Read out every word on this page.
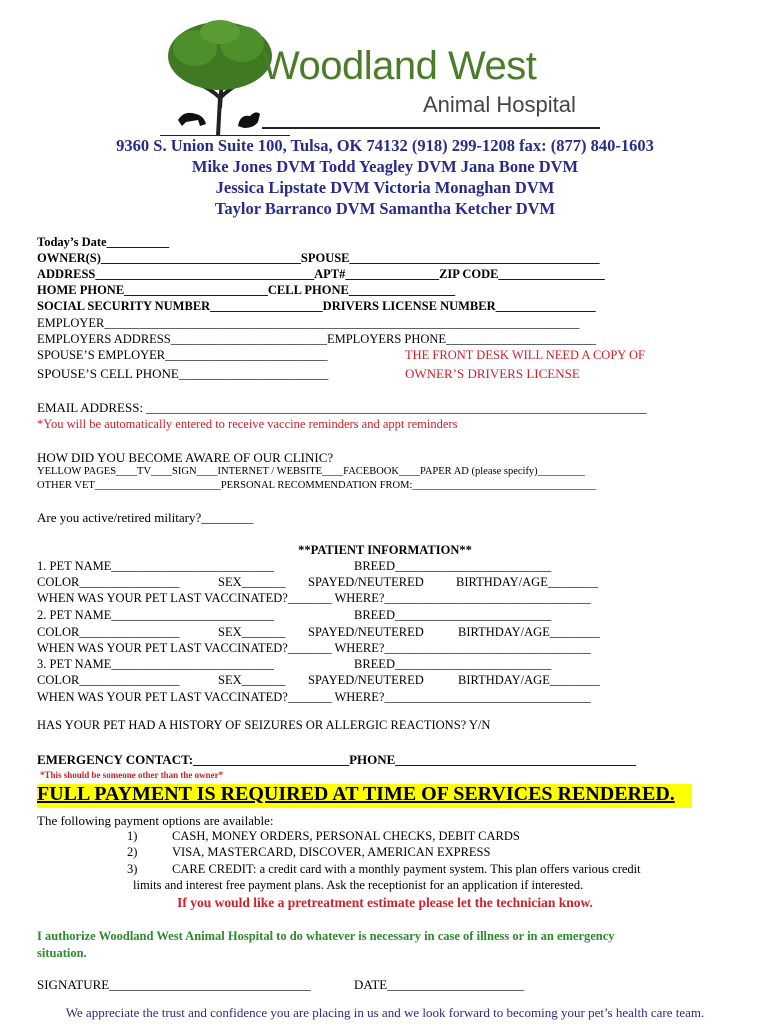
Woodland West
Animal Hospital
9360 S. Union Suite 100, Tulsa, OK 74132 (918) 299-1208 fax: (877) 840-1603
Mike Jones DVM Todd Yeagley DVM Jana Bone DVM
Jessica Lipstate DVM Victoria Monaghan DVM
Taylor Barranco DVM Samantha Ketcher DVM
Today’s Date__________
OWNER(S)________________________________SPOUSE________________________________________
ADDRESS___________________________________APT#_______________ZIP CODE_________________
HOME PHONE_______________________CELL PHONE_________________
SOCIAL SECURITY NUMBER__________________DRIVERS LICENSE NUMBER________________
EMPLOYER____________________________________________________________________________
EMPLOYERS ADDRESS_________________________EMPLOYERS PHONE________________________
SPOUSE’S EMPLOYER__________________________	THE FRONT DESK WILL NEED A COPY OF
SPOUSE’S CELL PHONE_______________________	OWNER’S DRIVERS LICENSE
EMAIL ADDRESS: _____________________________________________________________________________
*You will be automatically entered to receive vaccine reminders and appt reminders
HOW DID YOU BECOME AWARE OF OUR CLINIC?
YELLOW PAGES____TV____SIGN____INTERNET / WEBSITE____FACEBOOK____PAPER AD (please specify)_________
OTHER VET________________________PERSONAL RECOMMENDATION FROM:___________________________________
Are you active/retired military?________
**PATIENT INFORMATION**
1. PET NAME__________________________	BREED_________________________
COLOR________________	SEX_______ SPAYED/NEUTERED	BIRTHDAY/AGE________
WHEN WAS YOUR PET LAST VACCINATED?_______ WHERE?_________________________________
2. PET NAME__________________________	BREED_________________________
COLOR________________	SEX_______ SPAYED/NEUTERED	BIRTHDAY/AGE________
WHEN WAS YOUR PET LAST VACCINATED?_______ WHERE?_________________________________
3. PET NAME__________________________	BREED_________________________
COLOR________________	SEX_______ SPAYED/NEUTERED	BIRTHDAY/AGE________
WHEN WAS YOUR PET LAST VACCINATED?_______ WHERE?_________________________________
HAS YOUR PET HAD A HISTORY OF SEIZURES OR ALLERGIC REACTIONS? Y/N
EMERGENCY CONTACT:________________________PHONE_____________________________________
*This should be someone other than the owner*
FULL PAYMENT IS REQUIRED AT TIME OF SERVICES RENDERED.
The following payment options are available:
1)	CASH, MONEY ORDERS, PERSONAL CHECKS, DEBIT CARDS
2)	VISA, MASTERCARD, DISCOVER, AMERICAN EXPRESS
3)	CARE CREDIT: a credit card with a monthly payment system. This plan offers various credit
limits and interest free payment plans. Ask the receptionist for an application if interested.
If you would like a pretreatment estimate please let the technician know.
I authorize Woodland West Animal Hospital to do whatever is necessary in case of illness or in an emergency
situation.
SIGNATURE_______________________________	DATE_____________________
We appreciate the trust and confidence you are placing in us and we look forward to becoming your pet’s health care team.
